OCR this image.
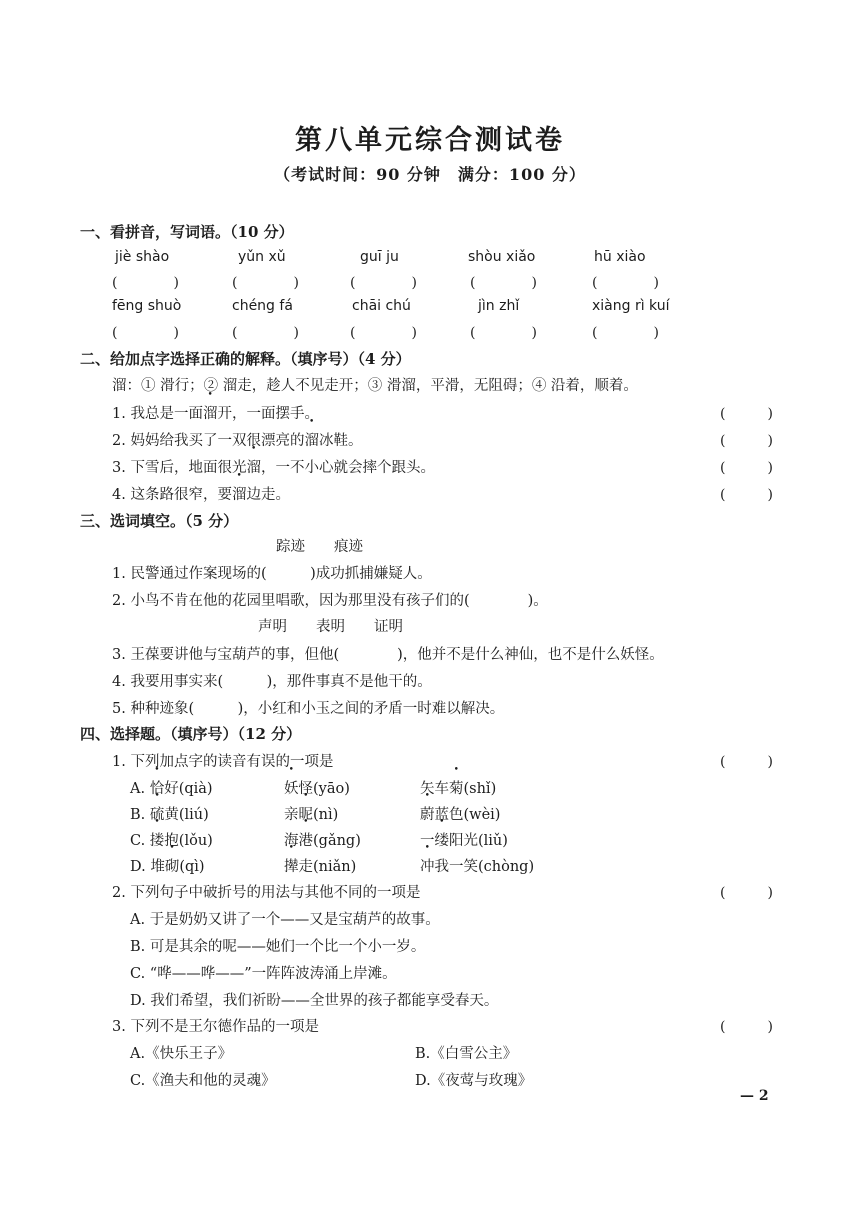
第八单元综合测试卷
（考试时间：90 分钟　满分：100 分）
一、看拼音，写词语。（10 分）
jiè shào	yǔn xǔ	guī ju	shòu xiǎo	hū xiào
(　　　　)	(　　　　)	(　　　　)	(　　　　)	(　　　　)
fēng shuò	chéng fá	chāi chú	jìn zhǐ	xiàng rì kuí
(　　　　)	(　　　　)	(　　　　)	(　　　　)	(　　　　)
二、给加点字选择正确的解释。（填序号）（4 分）
溜：① 滑行；② 溜走，趁人不见走开；③ 滑溜，平滑，无阻碍；④ 沿着，顺着。
1. 我总是一面溜开，一面摆手。	(　　　)
2. 妈妈给我买了一双很漂亮的溜冰鞋。	(　　　)
3. 下雪后，地面很光溜，一不小心就会摔个跟头。	(　　　)
4. 这条路很窄，要溜边走。	(　　　)
三、选词填空。（5 分）
踪迹　　痕迹
1. 民警通过作案现场的(　　　)成功抓捕嫌疑人。
2. 小鸟不肯在他的花园里唱歌，因为那里没有孩子们的(　　　　)。
声明　　表明　　证明
3. 王葆要讲他与宝葫芦的事，但他(　　　　)，他并不是什么神仙，也不是什么妖怪。
4. 我要用事实来(　　　)，那件事真不是他干的。
5. 种种迹象(　　　)，小红和小玉之间的矛盾一时难以解决。
四、选择题。（填序号）（12 分）
1. 下列加点字的读音有误的一项是	(　　　)
A. 恰好(qià)	妖怪(yāo)	矢车菊(shǐ)
B. 硫黄(liú)	亲昵(nì)	蔚蓝色(wèi)
C. 搂抱(lǒu)	海港(gǎng)	一缕阳光(liǔ)
D. 堆砌(qì)	撵走(niǎn)	冲我一笑(chòng)
2. 下列句子中破折号的用法与其他不同的一项是	(　　　)
A. 于是奶奶又讲了一个——又是宝葫芦的故事。
B. 可是其余的呢——她们一个比一个小一岁。
C. “哗——哗——”一阵阵波涛涌上岸滩。
D. 我们希望，我们祈盼——全世界的孩子都能享受春天。
3. 下列不是王尔德作品的一项是	(　　　)
A.《快乐王子》	B.《白雪公主》
C.《渔夫和他的灵魂》	D.《夜莺与玫瑰》
— 2
